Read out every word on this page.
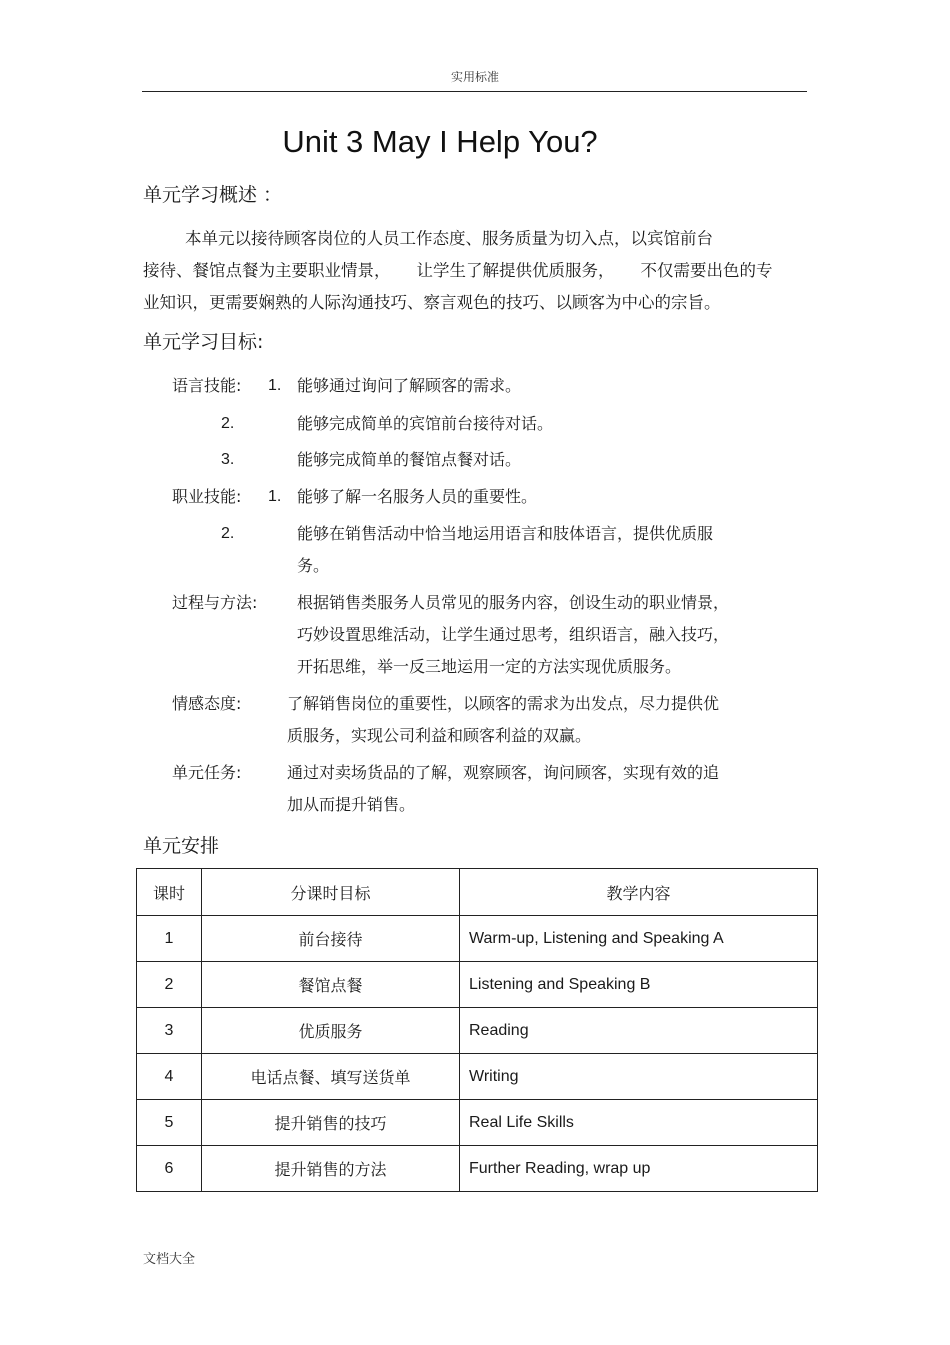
实用标准
Unit 3 May I Help You?
单元学习概述 ：

本单元以接待顾客岗位的人员工作态度、服务质量为切入点，以宾馆前台

接待、餐馆点餐为主要职业情景， 让学生了解提供优质服务， 不仅需要出色的专

业知识，更需要娴熟的人际沟通技巧、察言观色的技巧、以顾客为中心的宗旨。

单元学习目标:
语言技能: 1. 能够通过询问了解顾客的需求。
2.	能够完成简单的宾馆前台接待对话。
3.	能够完成简单的餐馆点餐对话。
职业技能: 1. 能够了解一名服务人员的重要性。
2.	能够在销售活动中恰当地运用语言和肢体语言，提供优质服
务。
过程与方法: 根据销售类服务人员常见的服务内容，创设生动的职业情景，
巧妙设置思维活动，让学生通过思考，组织语言，融入技巧，
开拓思维，举一反三地运用一定的方法实现优质服务。
情感态度:	了解销售岗位的重要性，以顾客的需求为出发点，尽力提供优
质服务，实现公司利益和顾客利益的双赢。
单元任务:	通过对卖场货品的了解，观察顾客，询问顾客，实现有效的追
加从而提升销售。
单元安排
课时	分课时目标	教学内容
1	前台接待	Warm-up, Listening and Speaking A
2	餐馆点餐	Listening and Speaking B
3	优质服务	Reading
4	电话点餐、填写送货单	Writing
5	提升销售的技巧	Real Life Skills
6	提升销售的方法	Further Reading, wrap up
文档大全
